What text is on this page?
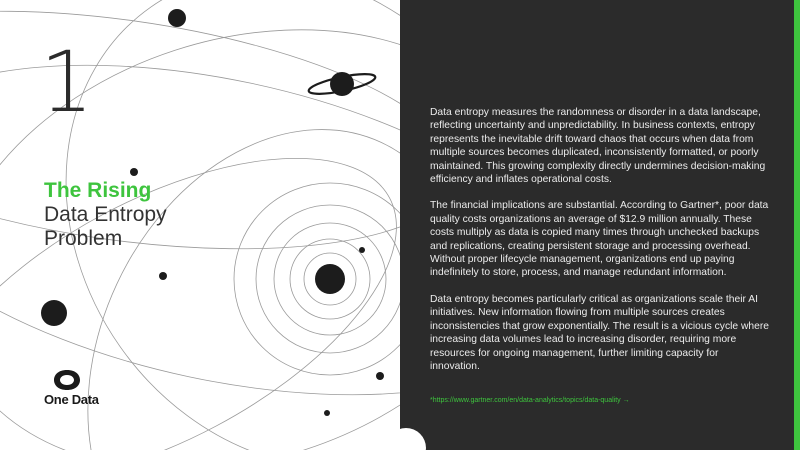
1
The Rising
Data Entropy
Problem
One Data

Data entropy measures the randomness or disorder in a data landscape, reflecting uncertainty and unpredictability. In business contexts, entropy represents the inevitable drift toward chaos that occurs when data from multiple sources becomes duplicated, inconsistently formatted, or poorly maintained. This growing complexity directly undermines decision-making efficiency and inflates operational costs.

The financial implications are substantial. According to Gartner*, poor data quality costs organizations an average of $12.9 million annually. These costs multiply as data is copied many times through unchecked backups and replications, creating persistent storage and processing overhead. Without proper lifecycle management, organizations end up paying indefinitely to store, process, and manage redundant information.

Data entropy becomes particularly critical as organizations scale their AI initiatives. New information flowing from multiple sources creates inconsistencies that grow exponentially. The result is a vicious cycle where increasing data volumes lead to increasing disorder, requiring more resources for ongoing management, further limiting capacity for innovation.

*https://www.gartner.com/en/data-analytics/topics/data-quality →
